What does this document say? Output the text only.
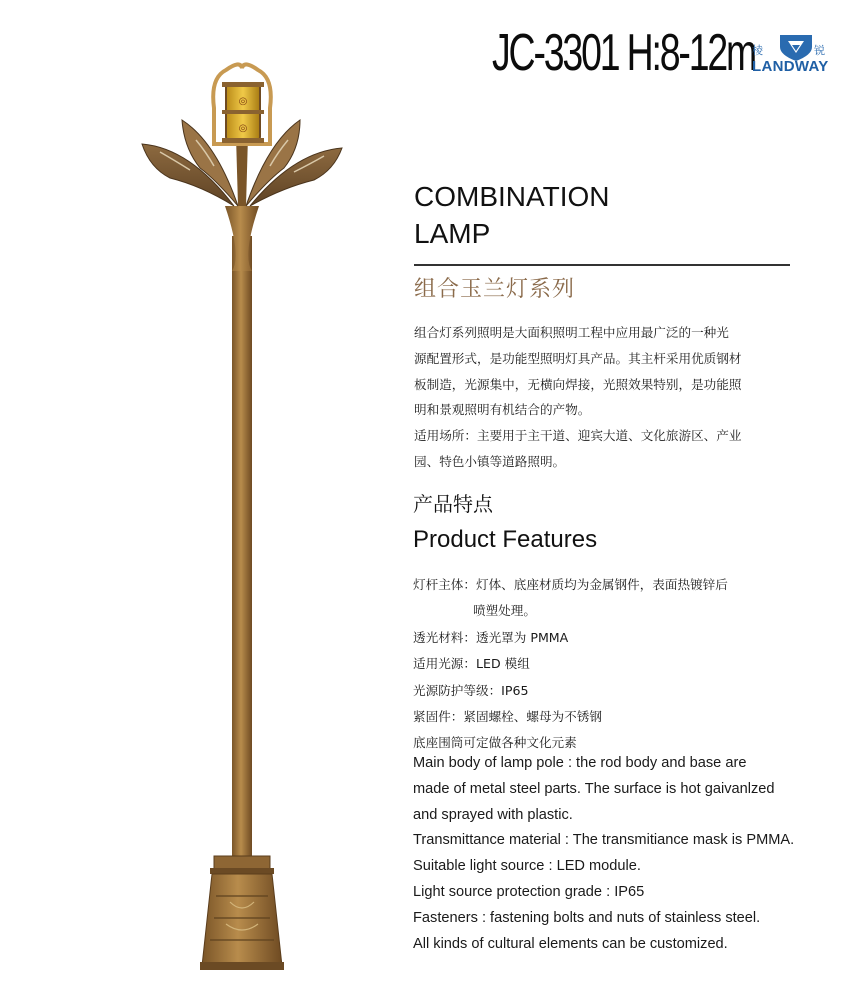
◎
◎
JC-3301 H:8-12m
棱	锐
LANDWAY
COMBINATION
LAMP
组合玉兰灯系列

组合灯系列照明是大面积照明工程中应用最广泛的一种光

源配置形式，是功能型照明灯具产品。其主杆采用优质钢材

板制造，光源集中，无横向焊接，光照效果特别，是功能照

明和景观照明有机结合的产物。

适用场所：主要用于主干道、迎宾大道、文化旅游区、产业

园、特色小镇等道路照明。

产品特点
Product Features
灯杆主体：灯体、底座材质均为金属钢件，表面热镀锌后
喷塑处理。
透光材料：透光罩为 PMMA
适用光源：LED 模组
光源防护等级：IP65
紧固件：紧固螺栓、螺母为不锈钢
底座围筒可定做各种文化元素
Main body of lamp pole : the rod body and base are
made of metal steel parts. The surface is hot gaivanlzed
and sprayed with plastic.
Transmittance material : The transmitiance mask is PMMA.
Suitable light source : LED module.
Light source protection grade : IP65
Fasteners : fastening bolts and nuts of stainless steel.
All kinds of cultural elements can be customized.
